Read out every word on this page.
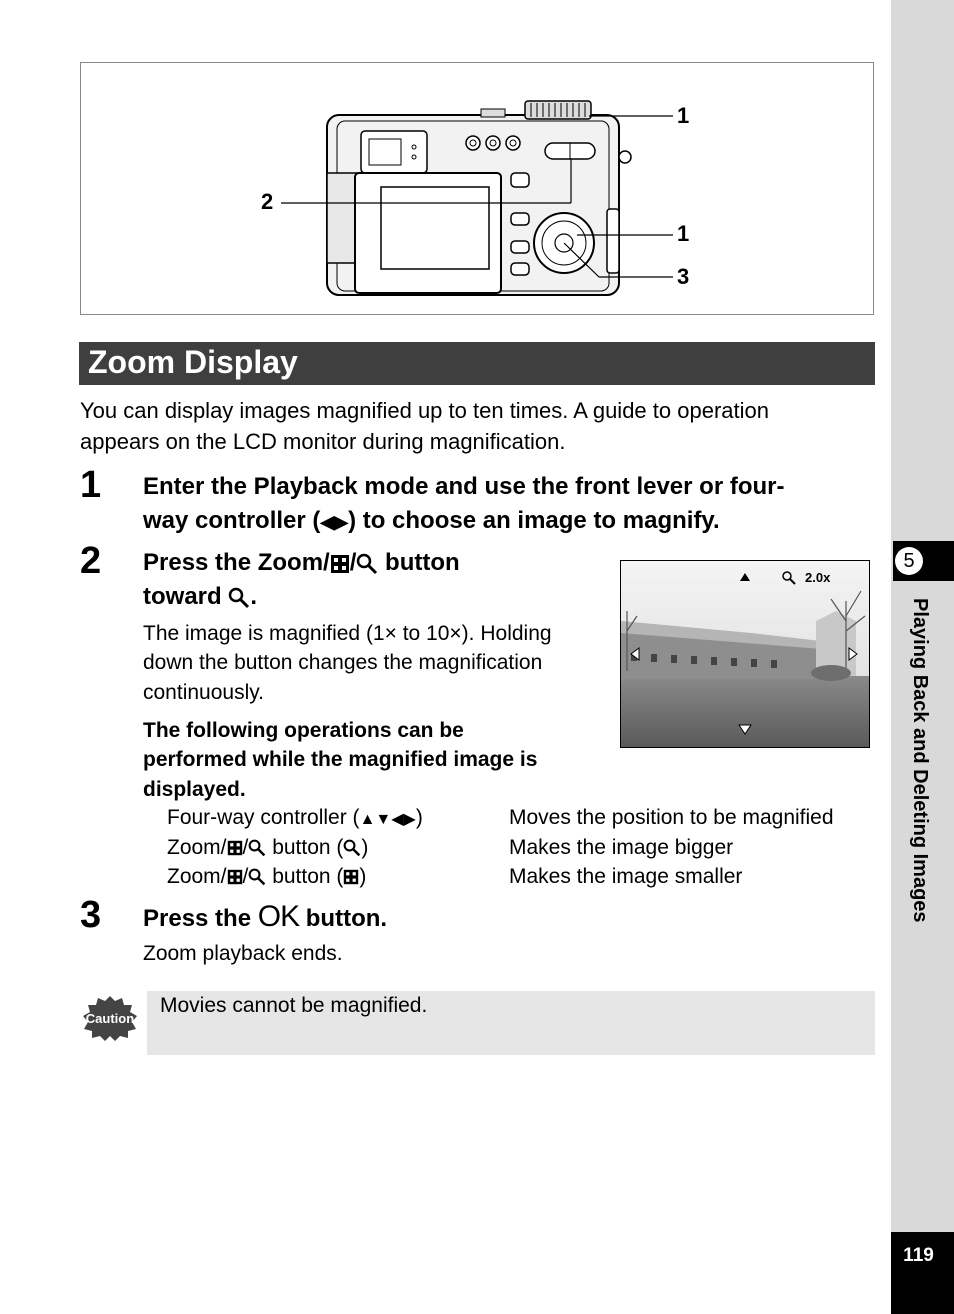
5
Playing Back and Deleting Images
119
1
2
1
3
Zoom Display
You can display images magnified up to ten times. A guide to operation
appears on the LCD monitor during magnification.
1 Enter the Playback mode and use the front lever or four-
way controller (◀▶) to choose an image to magnify.
2 Press the Zoom/ / button
toward .
The image is magnified (1× to 10×). Holding
down the button changes the magnification
continuously.
The following operations can be
performed while the magnified image is
displayed.
2.0x
Four-way controller (▲▼◀▶)	Moves the position to be magnified
Zoom/ / button ( )	Makes the image bigger
Zoom/ / button ( )	Makes the image smaller
3 Press the OK button.
Zoom playback ends.
Movies cannot be magnified.
Caution
